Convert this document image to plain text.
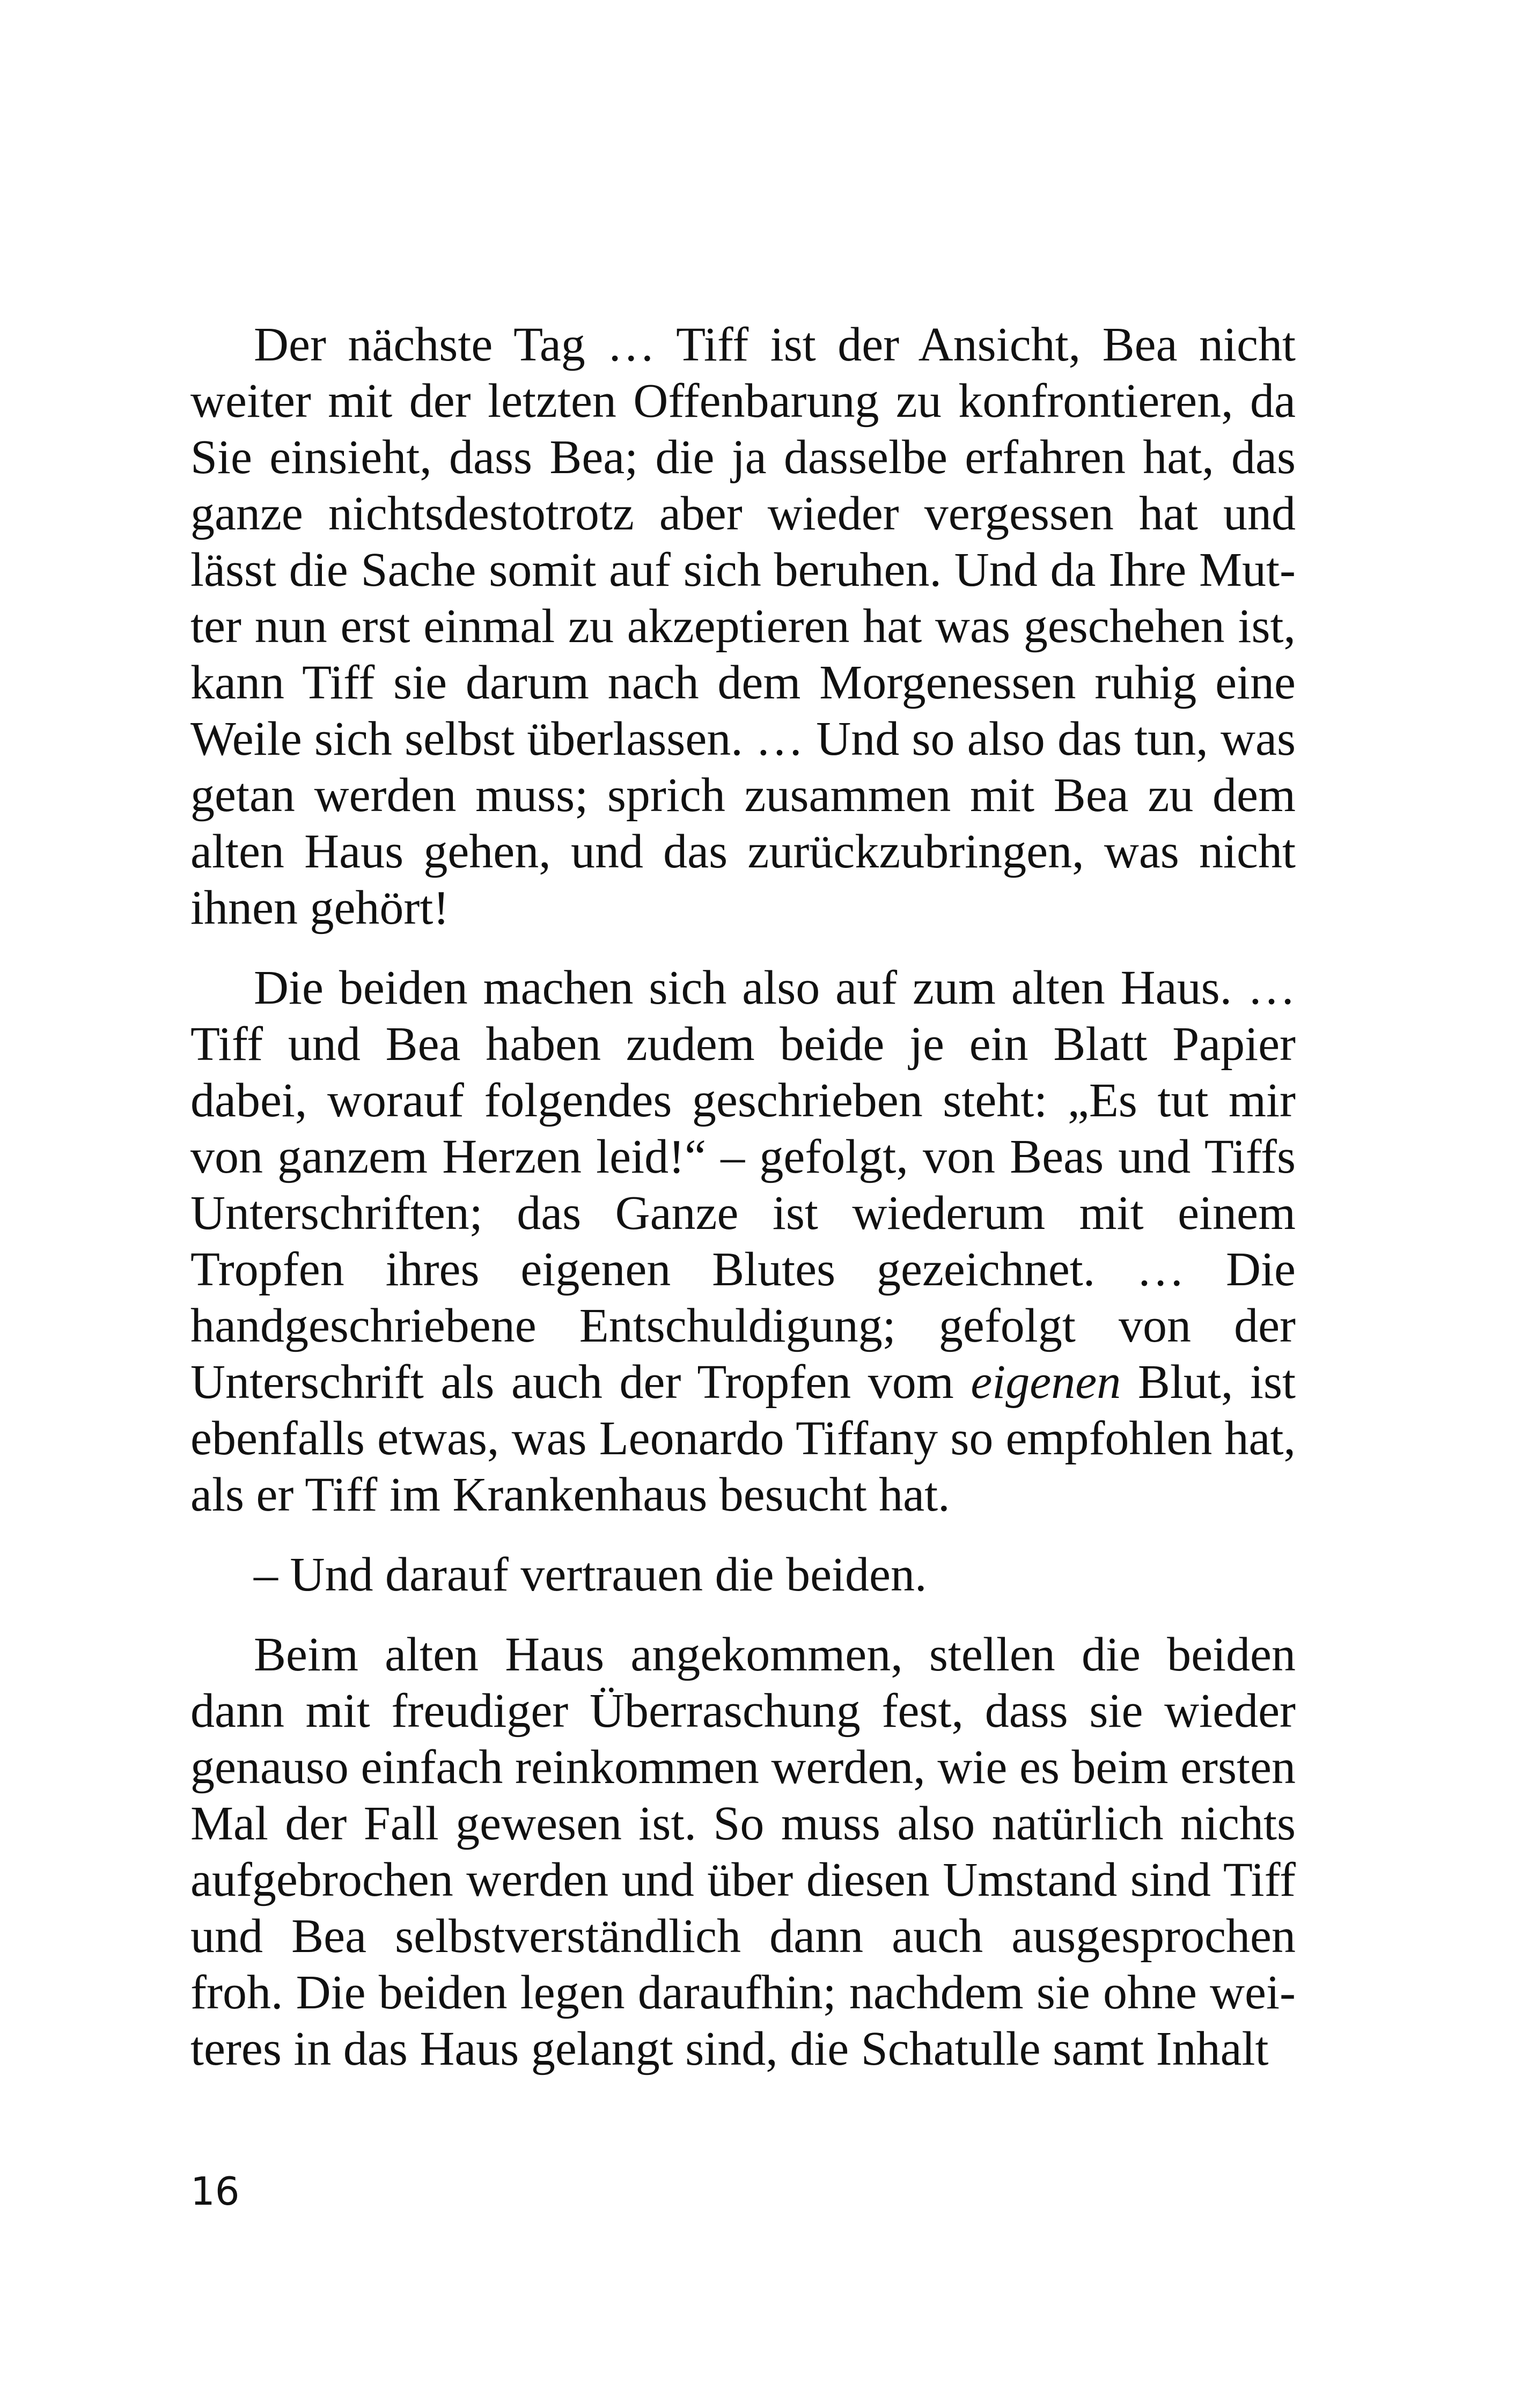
Der nächste Tag … Tiff ist der Ansicht, Bea nicht weiter mit der letzten Offenbarung zu konfrontieren, da Sie einsieht, dass Bea; die ja dasselbe erfahren hat, das ganze nichtsdestotrotz aber wieder vergessen hat und lässt die Sache somit auf sich beruhen. Und da Ihre Mutter nun erst einmal zu akzeptieren hat was geschehen ist, kann Tiff sie darum nach dem Morgenessen ruhig eine Weile sich selbst überlassen. … Und so also das tun, was getan werden muss; sprich zusammen mit Bea zu dem alten Haus gehen, und das zurückzubringen, was nicht ihnen gehört!

Die beiden machen sich also auf zum alten Haus. … Tiff und Bea haben zudem beide je ein Blatt Papier dabei, worauf folgendes geschrieben steht: „Es tut mir von ganzem Herzen leid!“ – gefolgt, von Beas und Tiffs Unterschriften; das Ganze ist wiederum mit einem Tropfen ihres eigenen Blutes gezeichnet. … Die handgeschriebene Entschuldigung; gefolgt von der Unterschrift als auch der Tropfen vom eigenen Blut, ist ebenfalls etwas, was Leonardo Tiffany so empfohlen hat, als er Tiff im Krankenhaus besucht hat.

– Und darauf vertrauen die beiden.

Beim alten Haus angekommen, stellen die beiden dann mit freudiger Überraschung fest, dass sie wieder genauso einfach reinkommen werden, wie es beim ersten Mal der Fall gewesen ist. So muss also natürlich nichts aufgebrochen werden und über diesen Umstand sind Tiff und Bea selbstverständlich dann auch ausgesprochen froh. Die beiden legen daraufhin; nachdem sie ohne weiteres in das Haus gelangt sind, die Schatulle samt Inhalt

16
